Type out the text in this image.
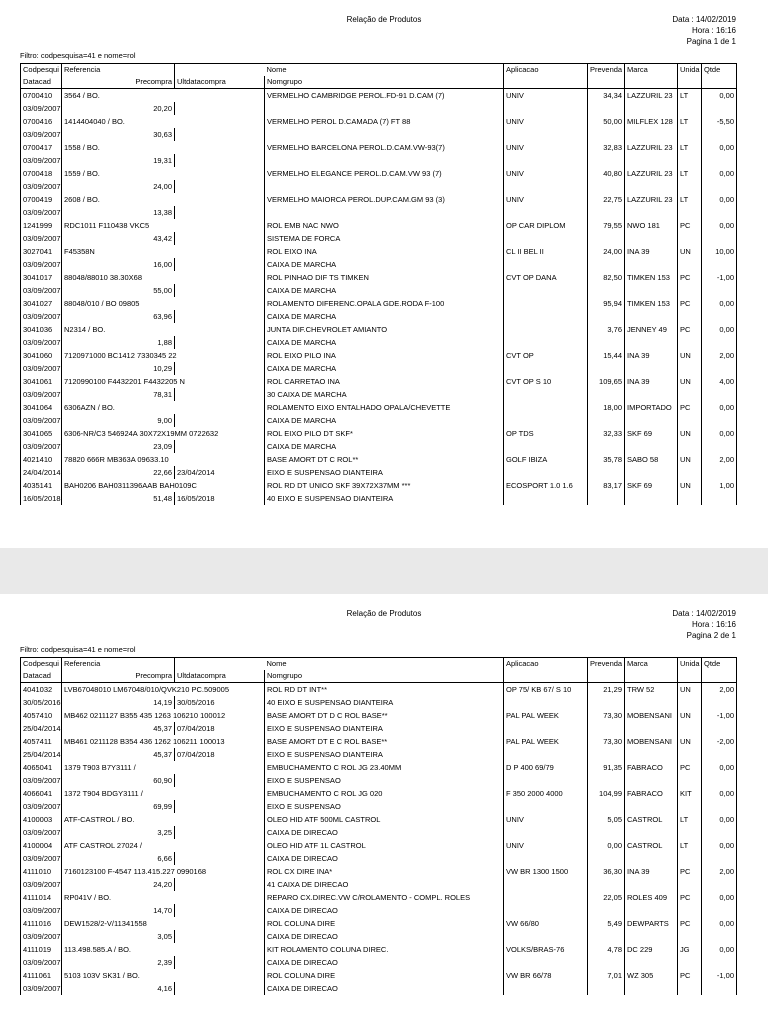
Relação de Produtos	Data : 14/02/2019
Hora : 16:16
Pagina 1 de 1
Filtro: codpesquisa=41 e nome=rol
Codpesqui	Referencia		Nome	Aplicacao	Prevenda	Marca	Unida	Qtde
Datacad	Precompra	Ultdatacompra	Nomgrupo					
0700410	3564 / BO.		VERMELHO CAMBRIDGE PEROL.FD-91 D.CAM (7)	UNIV	34,34	LAZZURIL 23	LT	0,00
03/09/2007	20,20							
0700416	1414404040 / BO.		VERMELHO PEROL D.CAMADA (7) FT 88	UNIV	50,00	MILFLEX 128	LT	-5,50
03/09/2007	30,63							
0700417	1558 / BO.		VERMELHO BARCELONA PEROL.D.CAM.VW-93(7)	UNIV	32,83	LAZZURIL 23	LT	0,00
03/09/2007	19,31							
0700418	1559 / BO.		VERMELHO ELEGANCE PEROL.D.CAM.VW 93 (7)	UNIV	40,80	LAZZURIL 23	LT	0,00
03/09/2007	24,00							
0700419	2608 / BO.		VERMELHO MAIORCA PEROL.DUP.CAM.GM 93 (3)	UNIV	22,75	LAZZURIL 23	LT	0,00
03/09/2007	13,38							
1241999	RDC1011 F110438 VKC5		ROL EMB NAC NWO	OP CAR DIPLOM	79,55	NWO 181	PC	0,00
03/09/2007	43,42		SISTEMA DE FORCA					
3027041	F45358N		ROL EIXO INA	CL II BEL II	24,00	INA 39	UN	10,00
03/09/2007	16,00		CAIXA DE MARCHA					
3041017	88048/88010 38.30X68		ROL PINHAO DIF TS TIMKEN	CVT OP DANA	82,50	TIMKEN 153	PC	-1,00
03/09/2007	55,00		CAIXA DE MARCHA					
3041027	88048/010 / BO 09805		ROLAMENTO DIFERENC.OPALA GDE.RODA F-100		95,94	TIMKEN 153	PC	0,00
03/09/2007	63,96		CAIXA DE MARCHA					
3041036	N2314 / BO.		JUNTA DIF.CHEVROLET AMIANTO		3,76	JENNEY 49	PC	0,00
03/09/2007	1,88		CAIXA DE MARCHA					
3041060	7120971000 BC1412 7330345 22		ROL EIXO PILO INA	CVT OP	15,44	INA 39	UN	2,00
03/09/2007	10,29		CAIXA DE MARCHA					
3041061	7120990100 F4432201 F4432205 N		ROL CARRETAO INA	CVT OP S 10	109,65	INA 39	UN	4,00
03/09/2007	78,31		30 CAIXA DE MARCHA					
3041064	6306AZN / BO.		ROLAMENTO EIXO ENTALHADO OPALA/CHEVETTE		18,00	IMPORTADO	PC	0,00
03/09/2007	9,00		CAIXA DE MARCHA					
3041065	6306-NR/C3 546924A 30X72X19MM 0722632		ROL EIXO PILO DT SKF*	OP TDS	32,33	SKF 69	UN	0,00
03/09/2007	23,09		CAIXA DE MARCHA					
4021410	78820 666R MB363A 09633.10		BASE AMORT DT C ROL**	GOLF IBIZA	35,78	SABO 58	UN	2,00
24/04/2014	22,66	23/04/2014	EIXO E SUSPENSAO DIANTEIRA					
4035141	BAH0206 BAH0311396AAB BAH0109C		ROL RD DT UNICO SKF 39X72X37MM ***	ECOSPORT 1.0 1.6	83,17	SKF 69	UN	1,00
16/05/2018	51,48	16/05/2018	40 EIXO E SUSPENSAO DIANTEIRA					
Relação de Produtos	Data : 14/02/2019
Hora : 16:16
Pagina 2 de 1
Filtro: codpesquisa=41 e nome=rol
Codpesqui	Referencia		Nome	Aplicacao	Prevenda	Marca	Unida	Qtde
Datacad	Precompra	Ultdatacompra	Nomgrupo					
4041032	LVB67048010 LM67048/010/QVK210 PC.509005		ROL RD DT INT**	OP 75/ KB 67/ S 10	21,29	TRW 52	UN	2,00
30/05/2016	14,19	30/05/2016	40 EIXO E SUSPENSAO DIANTEIRA					
4057410	MB462 0211127 B355 435 1263 106210 100012		BASE AMORT DT D C ROL BASE**	PAL PAL WEEK	73,30	MOBENSANI	UN	-1,00
25/04/2014	45,37	07/04/2018	EIXO E SUSPENSAO DIANTEIRA					
4057411	MB461 0211128 B354 436 1262 106211 100013		BASE AMORT DT E C ROL BASE**	PAL PAL WEEK	73,30	MOBENSANI	UN	-2,00
25/04/2014	45,37	07/04/2018	EIXO E SUSPENSAO DIANTEIRA					
4065041	1379 T903 B7Y3111 /		EMBUCHAMENTO C ROL JG 23.40MM	D P 400 69/79	91,35	FABRACO	PC	0,00
03/09/2007	60,90		EIXO E SUSPENSAO					
4066041	1372 T904 BDGY3111 /		EMBUCHAMENTO C ROL JG 020	F 350 2000 4000	104,99	FABRACO	KIT	0,00
03/09/2007	69,99		EIXO E SUSPENSAO					
4100003	ATF-CASTROL / BO.		OLEO HID ATF 500ML CASTROL	UNIV	5,05	CASTROL	LT	0,00
03/09/2007	3,25		CAIXA DE DIRECAO					
4100004	ATF CASTROL 27024 /		OLEO HID ATF 1L CASTROL	UNIV	0,00	CASTROL	LT	0,00
03/09/2007	6,66		CAIXA DE DIRECAO					
4111010	7160123100 F-4547 113.415.227 0990168		ROL CX DIRE INA*	VW BR 1300 1500	36,30	INA 39	PC	2,00
03/09/2007	24,20		41 CAIXA DE DIRECAO					
4111014	RP041V / BO.		REPARO CX.DIREC.VW C/ROLAMENTO - COMPL. ROLES		22,05	ROLES 409	PC	0,00
03/09/2007	14,70		CAIXA DE DIRECAO					
4111016	DEW1528/2-V/11341558		ROL COLUNA DIRE	VW 66/80	5,49	DEWPARTS	PC	0,00
03/09/2007	3,05		CAIXA DE DIRECAO					
4111019	113.498.585.A / BO.		KIT ROLAMENTO COLUNA DIREC.	VOLKS/BRAS-76	4,78	DC 229	JG	0,00
03/09/2007	2,39		CAIXA DE DIRECAO					
4111061	5103 103V SK31 / BO.		ROL COLUNA DIRE	VW BR 66/78	7,01	WZ 305	PC	-1,00
03/09/2007	4,16		CAIXA DE DIRECAO					
